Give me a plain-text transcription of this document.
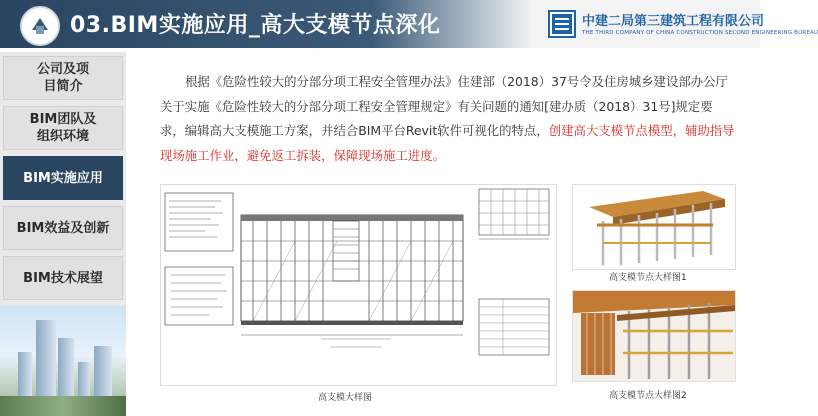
03.BIM实施应用_高大支模节点深化	中建二局第三建筑工程有限公司
THE THIRD COMPANY OF CHINA CONSTRUCTION SECOND ENGINEERING BUREAU
公司及项
目简介
BIM团队及
组织环境
BIM实施应用
BIM效益及创新
BIM技术展望
根据《危险性较大的分部分项工程安全管理办法》住建部（2018）37号令及住房城乡建设部办公厅关于实施《危险性较大的分部分项工程安全管理规定》有关问题的通知[建办质（2018）31号]规定要求，编辑高大支模施工方案，并结合BIM平台Revit软件可视化的特点，创建高大支模节点模型，辅助指导现场施工作业，避免返工拆装，保障现场施工进度。
高支模大样图
高支模节点大样图1
高支模节点大样图2
